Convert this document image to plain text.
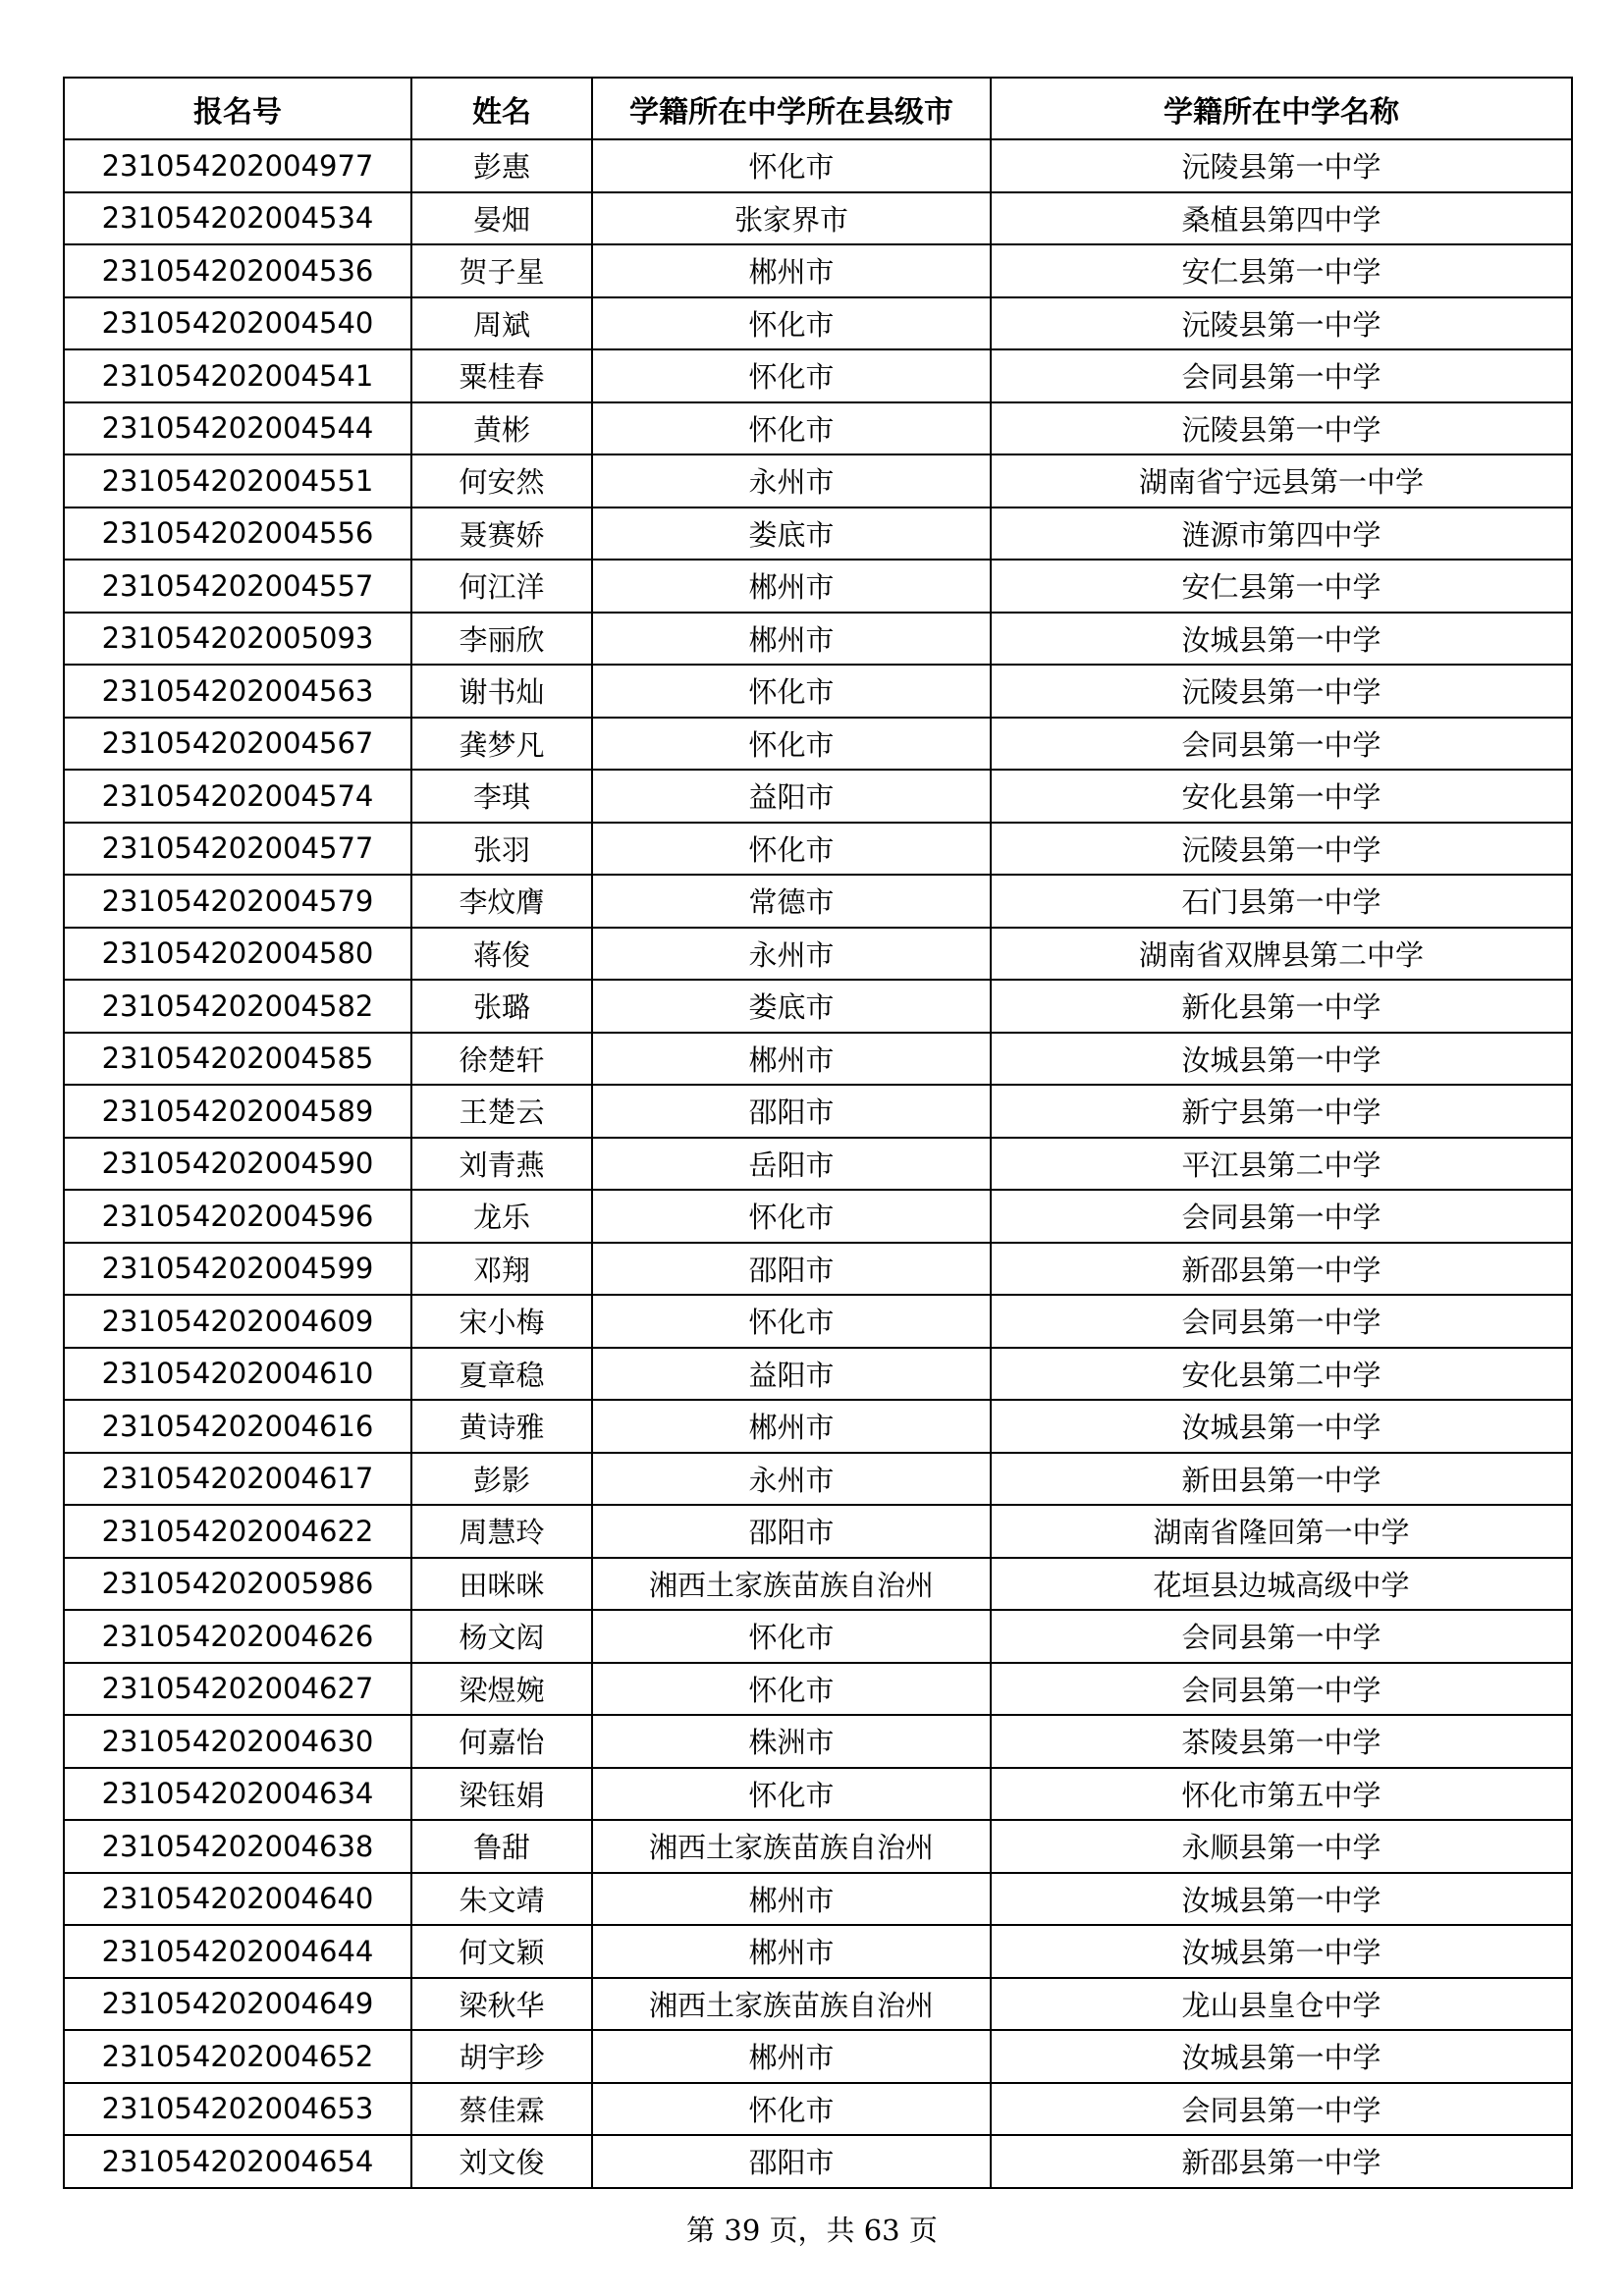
报名号	姓名	学籍所在中学所在县级市	学籍所在中学名称
231054202004977	彭惠	怀化市	沅陵县第一中学
231054202004534	晏畑	张家界市	桑植县第四中学
231054202004536	贺子星	郴州市	安仁县第一中学
231054202004540	周斌	怀化市	沅陵县第一中学
231054202004541	粟桂春	怀化市	会同县第一中学
231054202004544	黄彬	怀化市	沅陵县第一中学
231054202004551	何安然	永州市	湖南省宁远县第一中学
231054202004556	聂赛娇	娄底市	涟源市第四中学
231054202004557	何江洋	郴州市	安仁县第一中学
231054202005093	李丽欣	郴州市	汝城县第一中学
231054202004563	谢书灿	怀化市	沅陵县第一中学
231054202004567	龚梦凡	怀化市	会同县第一中学
231054202004574	李琪	益阳市	安化县第一中学
231054202004577	张羽	怀化市	沅陵县第一中学
231054202004579	李炆膺	常德市	石门县第一中学
231054202004580	蒋俊	永州市	湖南省双牌县第二中学
231054202004582	张璐	娄底市	新化县第一中学
231054202004585	徐楚轩	郴州市	汝城县第一中学
231054202004589	王楚云	邵阳市	新宁县第一中学
231054202004590	刘青燕	岳阳市	平江县第二中学
231054202004596	龙乐	怀化市	会同县第一中学
231054202004599	邓翔	邵阳市	新邵县第一中学
231054202004609	宋小梅	怀化市	会同县第一中学
231054202004610	夏章稳	益阳市	安化县第二中学
231054202004616	黄诗雅	郴州市	汝城县第一中学
231054202004617	彭影	永州市	新田县第一中学
231054202004622	周慧玲	邵阳市	湖南省隆回第一中学
231054202005986	田咪咪	湘西土家族苗族自治州	花垣县边城高级中学
231054202004626	杨文闳	怀化市	会同县第一中学
231054202004627	梁煜婉	怀化市	会同县第一中学
231054202004630	何嘉怡	株洲市	茶陵县第一中学
231054202004634	梁钰娟	怀化市	怀化市第五中学
231054202004638	鲁甜	湘西土家族苗族自治州	永顺县第一中学
231054202004640	朱文靖	郴州市	汝城县第一中学
231054202004644	何文颖	郴州市	汝城县第一中学
231054202004649	梁秋华	湘西土家族苗族自治州	龙山县皇仓中学
231054202004652	胡宇珍	郴州市	汝城县第一中学
231054202004653	蔡佳霖	怀化市	会同县第一中学
231054202004654	刘文俊	邵阳市	新邵县第一中学
第 39 页，共 63 页
